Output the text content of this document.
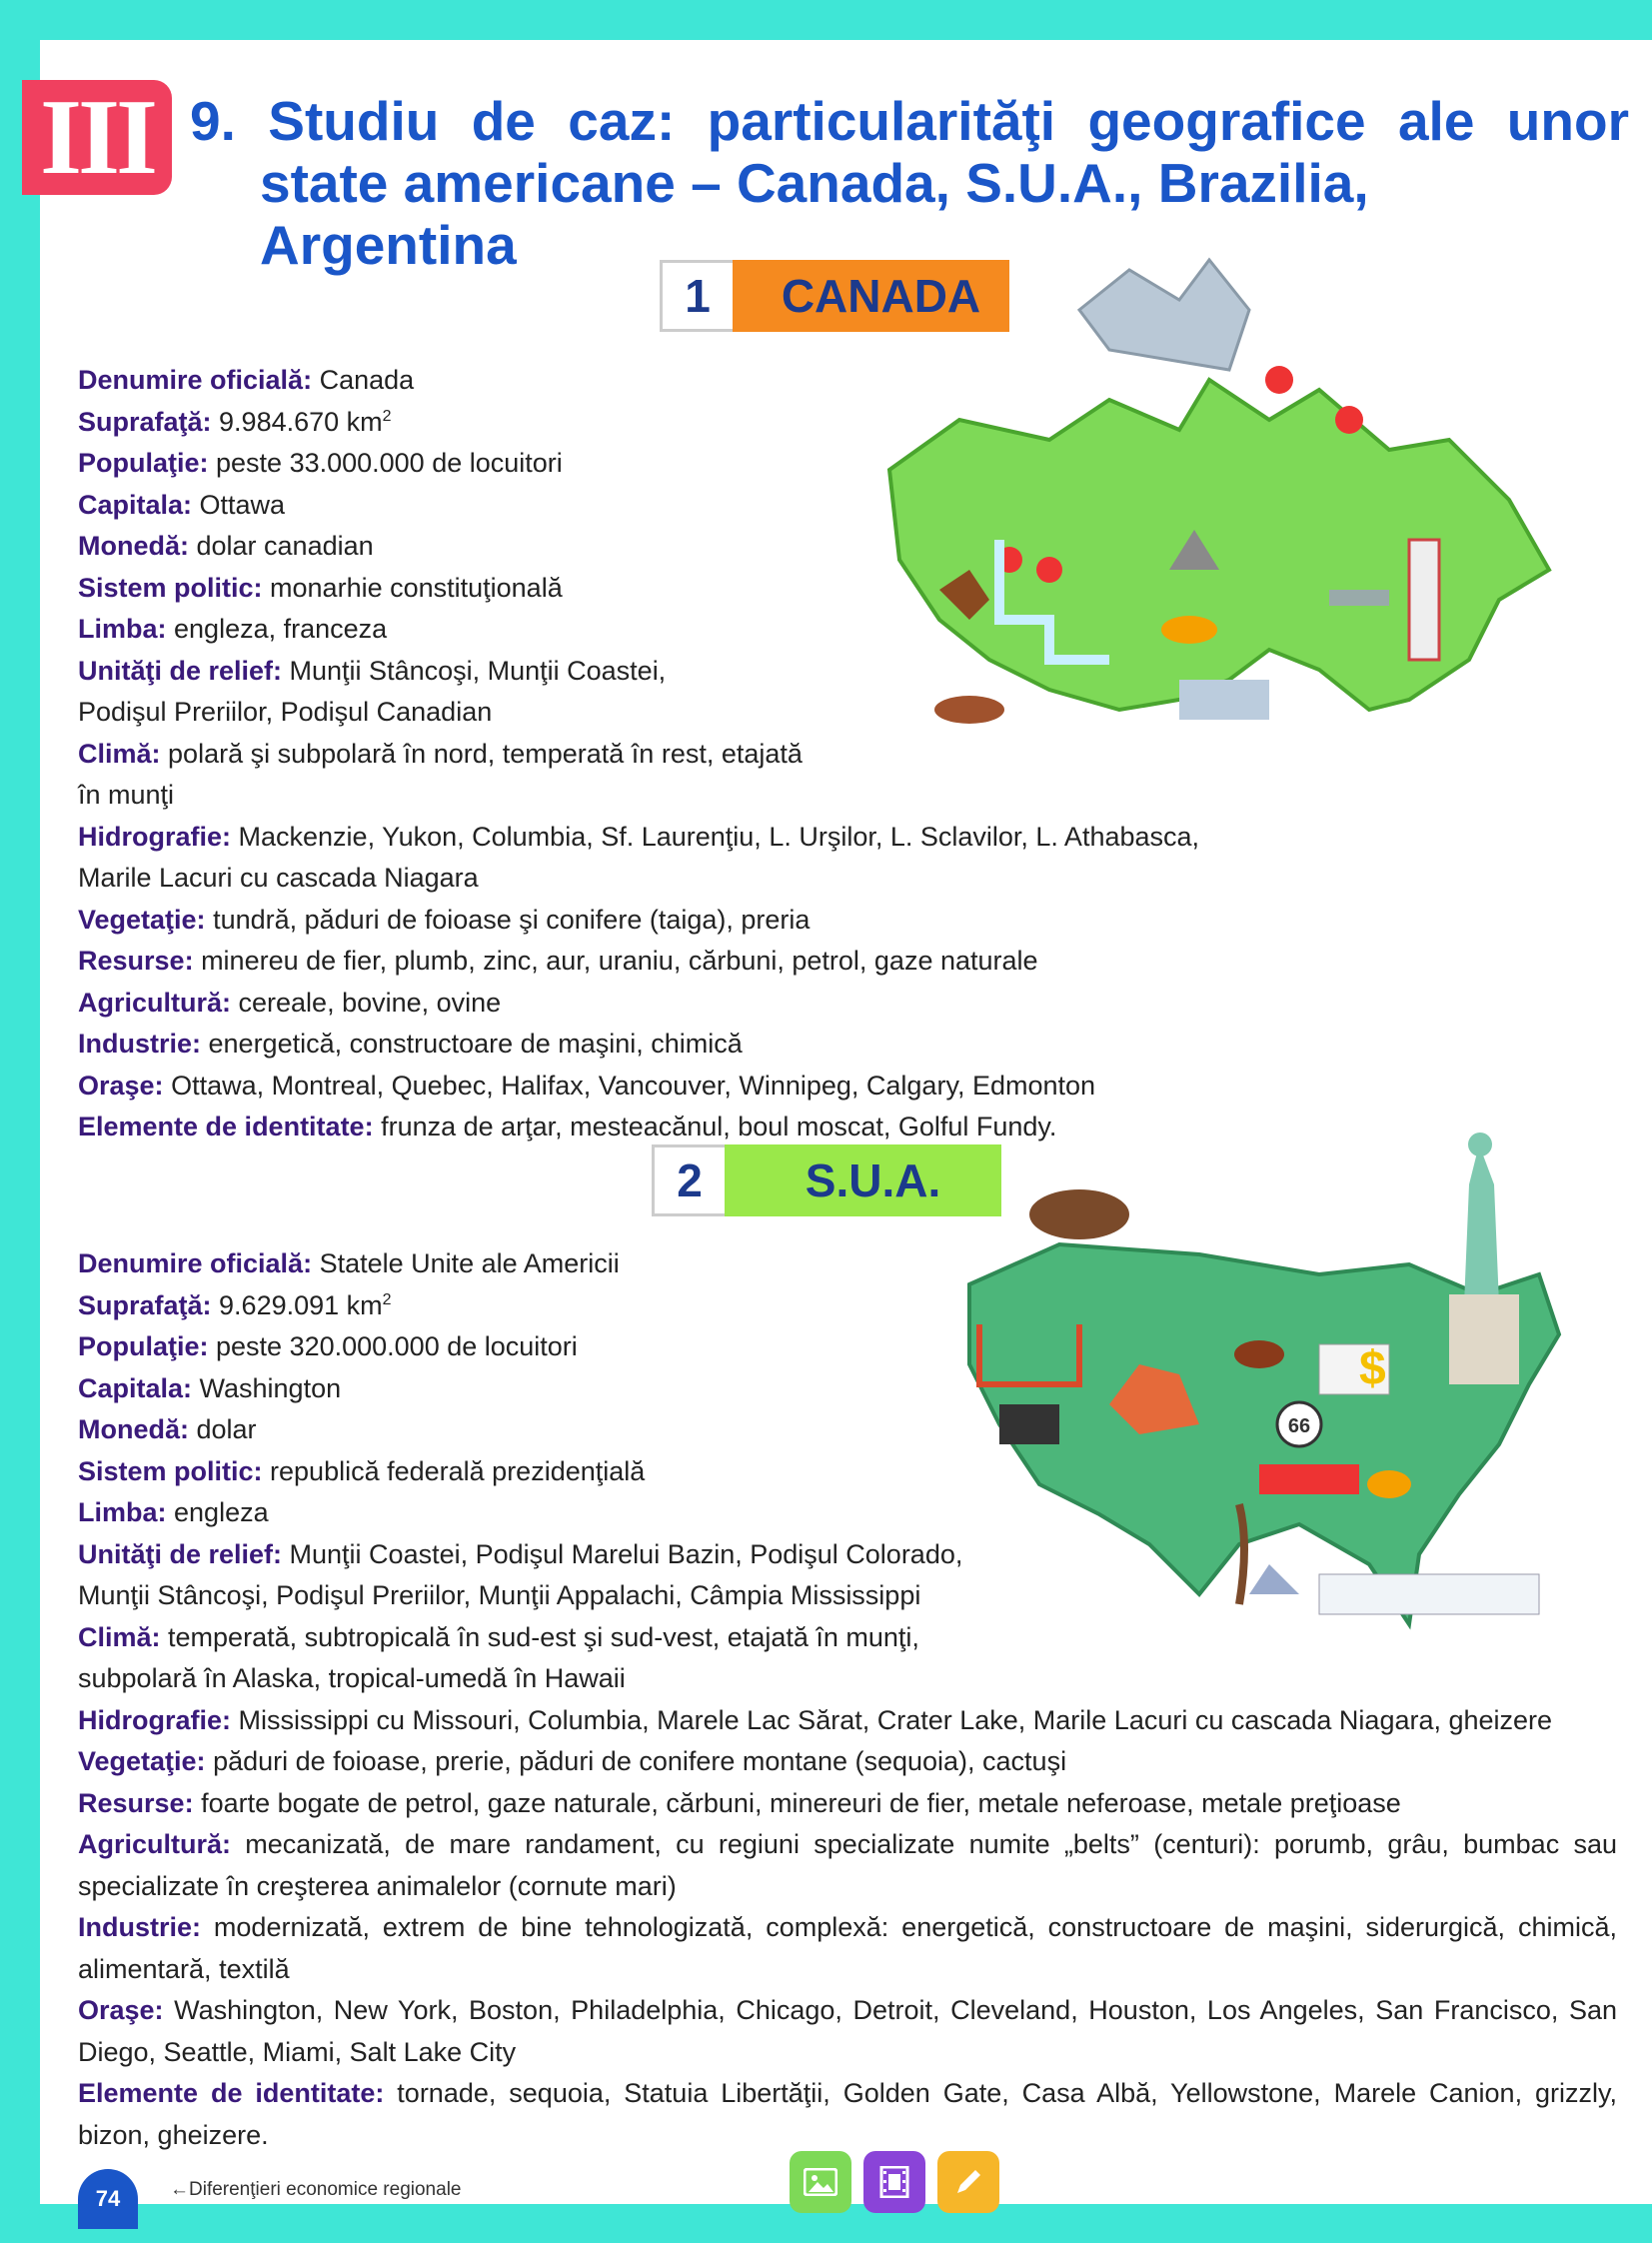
III 9. Studiu de caz: particularităţi geografice ale unor
state americane – Canada, S.U.A., Brazilia, Argentina
1	CANADA

Denumire oficială: Canada

Suprafaţă: 9.984.670 $km^2$

Populaţie: peste 33.000.000 de locuitori

Capitala: Ottawa

Monedă: dolar canadian

Sistem politic: monarhie constituţională

Limba: engleza, franceza

Unităţi de relief: Munţii Stâncoşi, Munţii Coastei,
Podişul Preriilor, Podişul Canadian

Climă: polară şi subpolară în nord, temperată în rest, etajată
în munţi

Hidrografie: Mackenzie, Yukon, Columbia, Sf. Laurenţiu, L. Urşilor, L. Sclavilor, L. Athabasca,
Marile Lacuri cu cascada Niagara

Vegetaţie: tundră, păduri de foioase şi conifere (taiga), preria

Resurse: minereu de fier, plumb, zinc, aur, uraniu, cărbuni, petrol, gaze naturale

Agricultură: cereale, bovine, ovine

Industrie: energetică, constructoare de maşini, chimică

Oraşe: Ottawa, Montreal, Quebec, Halifax, Vancouver, Winnipeg, Calgary, Edmonton

Elemente de identitate: frunza de arţar, mesteacănul, boul moscat, Golful Fundy.

2	S.U.A.
66
$

Denumire oficială: Statele Unite ale Americii

Suprafaţă: 9.629.091 $km^2$

Populaţie: peste 320.000.000 de locuitori

Capitala: Washington

Monedă: dolar

Sistem politic: republică federală prezidenţială

Limba: engleza

Unităţi de relief: Munţii Coastei, Podişul Marelui Bazin, Podişul Colorado,
Munţii Stâncoşi, Podişul Preriilor, Munţii Appalachi, Câmpia Mississippi

Climă: temperată, subtropicală în sud-est şi sud-vest, etajată în munţi,
subpolară în Alaska, tropical-umedă în Hawaii

Hidrografie: Mississippi cu Missouri, Columbia, Marele Lac Sărat, Crater Lake, Marile Lacuri cu cascada Niagara, gheizere

Vegetaţie: păduri de foioase, prerie, păduri de conifere montane (sequoia), cactuşi

Resurse: foarte bogate de petrol, gaze naturale, cărbuni, minereuri de fier, metale neferoase, metale preţioase

Agricultură: mecanizată, de mare randament, cu regiuni specializate numite „belts” (centuri): porumb, grâu, bumbac sau specializate în creşterea animalelor (cornute mari)

Industrie: modernizată, extrem de bine tehnologizată, complexă: energetică, constructoare de maşini, siderurgică, chimică, alimentară, textilă

Oraşe: Washington, New York, Boston, Philadelphia, Chicago, Detroit, Cleveland, Houston, Los Angeles, San Francisco, San Diego, Seattle, Miami, Salt Lake City

Elemente de identitate: tornade, sequoia, Statuia Libertăţii, Golden Gate, Casa Albă, Yellowstone, Marele Canion, grizzly, bizon, gheizere.

74	←Diferenţieri economice regionale
